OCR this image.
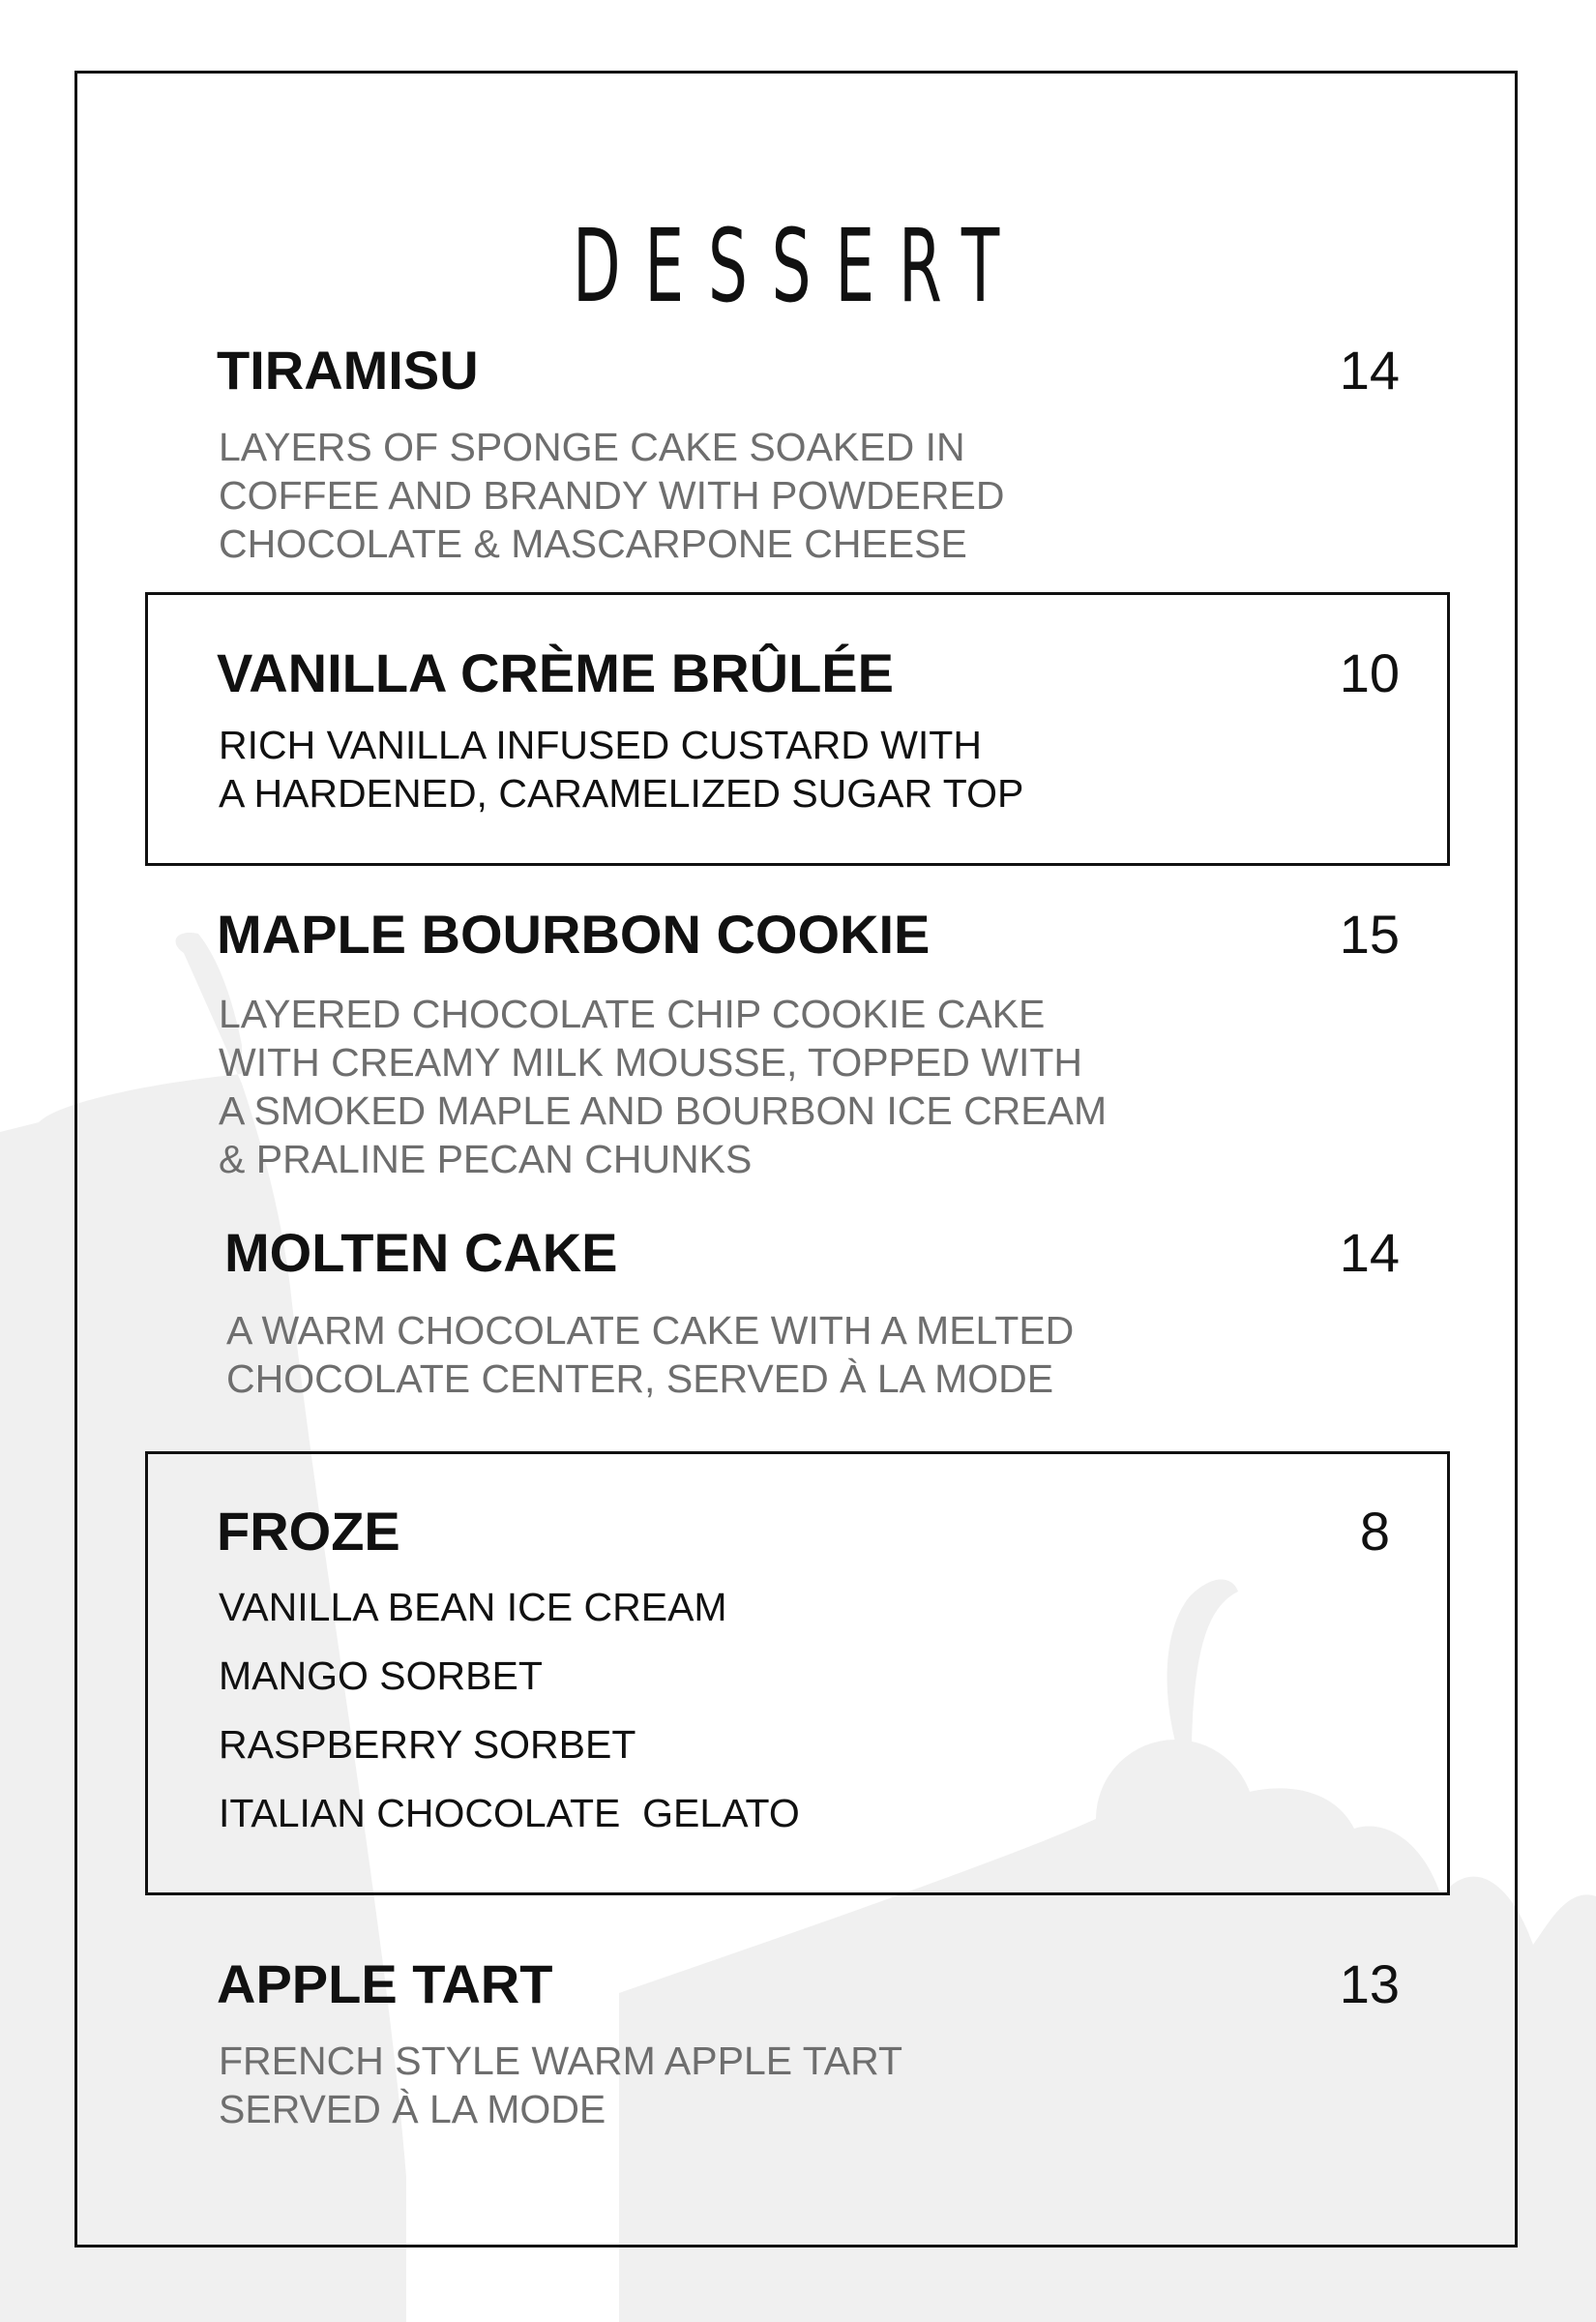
DESSERT
TIRAMISU	14

LAYERS OF SPONGE CAKE SOAKED IN
COFFEE AND BRANDY WITH POWDERED
CHOCOLATE & MASCARPONE CHEESE

VANILLA CRÈME BRÛLÉE	10

RICH VANILLA INFUSED CUSTARD WITH
A HARDENED, CARAMELIZED SUGAR TOP

MAPLE BOURBON COOKIE	15

LAYERED CHOCOLATE CHIP COOKIE CAKE
WITH CREAMY MILK MOUSSE, TOPPED WITH
A SMOKED MAPLE AND BOURBON ICE CREAM
& PRALINE PECAN CHUNKS

MOLTEN CAKE	14

A WARM CHOCOLATE CAKE WITH A MELTED
CHOCOLATE CENTER, SERVED À LA MODE

FROZE	8

VANILLA BEAN ICE CREAM

MANGO SORBET

RASPBERRY SORBET

ITALIAN CHOCOLATE  GELATO

APPLE TART	13

FRENCH STYLE WARM APPLE TART
SERVED À LA MODE
